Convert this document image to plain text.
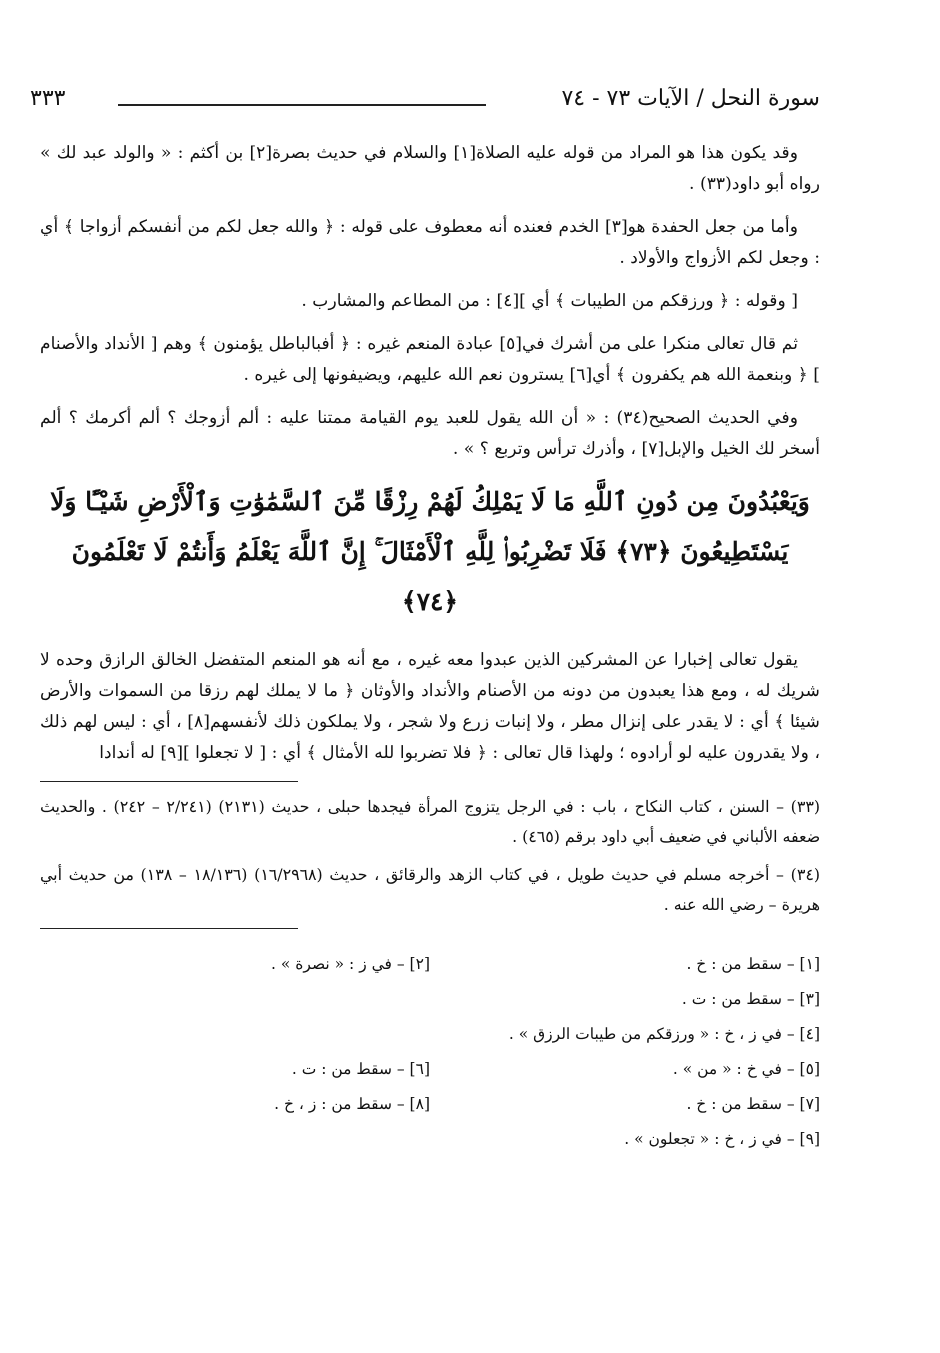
سورة النحل / الآيات ٧٣ - ٧٤
٣٣٣

وقد يكون هذا هو المراد من قوله عليه الصلاة[١] والسلام في حديث بصرة[٢] بن أكثم : « والولد عبد لك » رواه أبو داود(٣٣) .

وأما من جعل الحفدة هو[٣] الخدم فعنده أنه معطوف على قوله : ﴿ والله جعل لكم من أنفسكم أزواجا ﴾ أي : وجعل لكم الأزواج والأولاد .

[ وقوله : ﴿ ورزقكم من الطيبات ﴾ أي ][٤] : من المطاعم والمشارب .

ثم قال تعالى منكرا على من أشرك في[٥] عبادة المنعم غيره : ﴿ أفبالباطل يؤمنون ﴾ وهم [ الأنداد والأصنام ] ﴿ وبنعمة الله هم يكفرون ﴾ أي[٦] يسترون نعم الله عليهم، ويضيفونها إلى غيره .

وفي الحديث الصحيح(٣٤) : « أن الله يقول للعبد يوم القيامة ممتنا عليه : ألم أزوجك ؟ ألم أكرمك ؟ ألم أسخر لك الخيل والإبل[٧] ، وأذرك ترأس وتربع ؟ » .

وَيَعْبُدُونَ مِن دُونِ ٱللَّهِ مَا لَا يَمْلِكُ لَهُمْ رِزْقًا مِّنَ ٱلسَّمَٰوَٰتِ وَٱلْأَرْضِ شَيْـًٔا وَلَا يَسْتَطِيعُونَ ﴿٧٣﴾ فَلَا تَضْرِبُوا۟ لِلَّهِ ٱلْأَمْثَالَ ۚ إِنَّ ٱللَّهَ يَعْلَمُ وَأَنتُمْ لَا تَعْلَمُونَ ﴿٧٤﴾

يقول تعالى إخبارا عن المشركين الذين عبدوا معه غيره ، مع أنه هو المنعم المتفضل الخالق الرازق وحده لا شريك له ، ومع هذا يعبدون من دونه من الأصنام والأنداد والأوثان ﴿ ما لا يملك لهم رزقا من السموات والأرض شيئا ﴾ أي : لا يقدر على إنزال مطر ، ولا إنبات زرع ولا شجر ، ولا يملكون ذلك لأنفسهم[٨] ، أي : ليس لهم ذلك ، ولا يقدرون عليه لو أرادوه ؛ ولهذا قال تعالى : ﴿ فلا تضربوا لله الأمثال ﴾ أي : [ لا تجعلوا ][٩] له أندادا

(٣٣) – السنن ، كتاب النكاح ، باب : في الرجل يتزوج المرأة فيجدها حبلى ، حديث (٢١٣١) (٢/٢٤١ – ٢٤٢) . والحديث ضعفه الألباني في ضعيف أبي داود برقم (٤٦٥) .

(٣٤) – أخرجه مسلم في حديث طويل ، في كتاب الزهد والرقائق ، حديث (١٦/٢٩٦٨) (١٨/١٣٦ – ١٣٨) من حديث أبي هريرة – رضي الله عنه .

[١] – سقط من : خ .
[٢] – في ز : « نصرة » .
[٣] – سقط من : ت .
[٤] – في ز ، خ : « ورزقكم من طيبات الرزق » .
[٥] – في خ : « من » .
[٦] – سقط من : ت .
[٧] – سقط من : خ .
[٨] – سقط من : ز ، خ .
[٩] – في ز ، خ : « تجعلون » .
